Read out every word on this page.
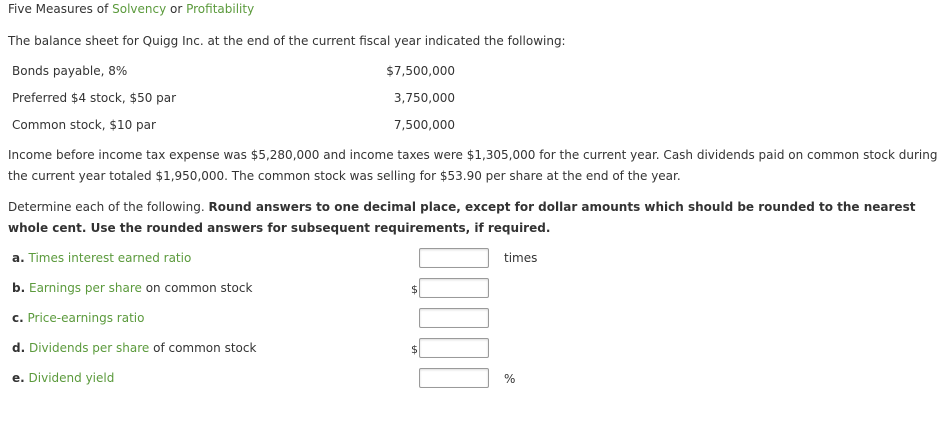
Five Measures of Solvency or Profitability
The balance sheet for Quigg Inc. at the end of the current fiscal year indicated the following:
Bonds payable, 8%	$7,500,000
Preferred $4 stock, $50 par	3,750,000
Common stock, $10 par	7,500,000
Income before income tax expense was $5,280,000 and income taxes were $1,305,000 for the current year. Cash dividends paid on common stock during the current year totaled $1,950,000. The common stock was selling for $53.90 per share at the end of the year.
Determine each of the following. Round answers to one decimal place, except for dollar amounts which should be rounded to the nearest whole cent. Use the rounded answers for subsequent requirements, if required.
a. Times interest earned ratio	times
b. Earnings per share on common stock	$
c. Price-earnings ratio
d. Dividends per share of common stock	$
e. Dividend yield	%
